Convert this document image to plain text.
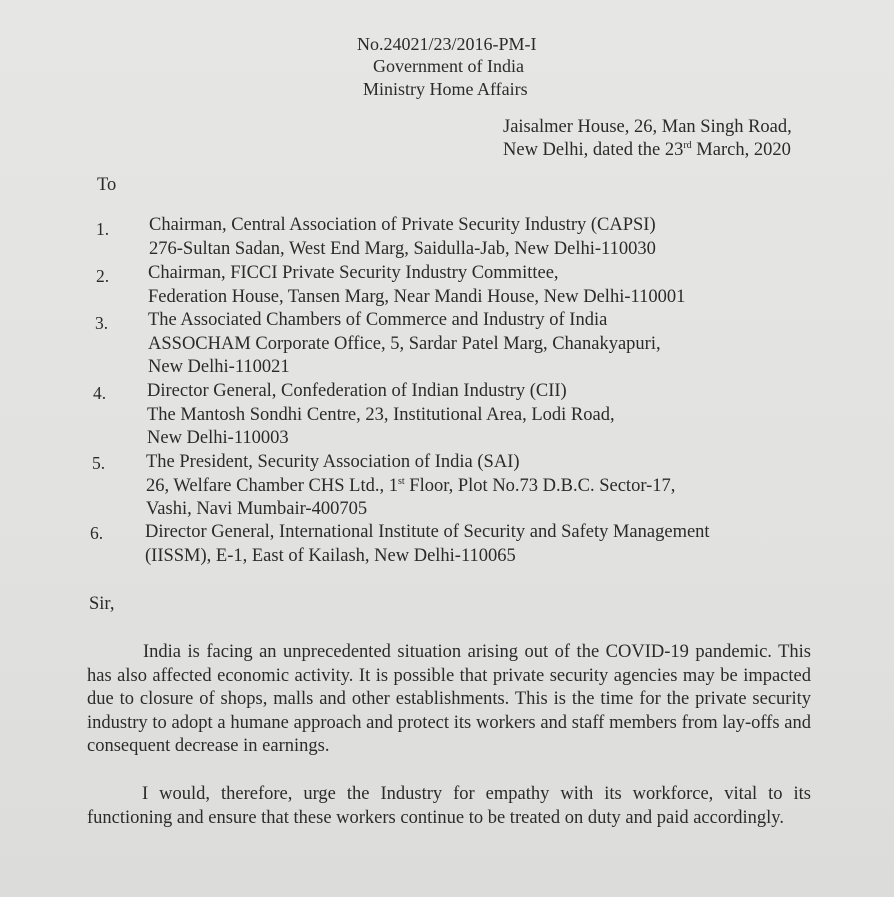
No.24021/23/2016-PM-I
Government of India
Ministry Home Affairs
Jaisalmer House, 26, Man Singh Road,
New Delhi, dated the 23rd March, 2020
To
1. Chairman, Central Association of Private Security Industry (CAPSI)
276-Sultan Sadan, West End Marg, Saidulla-Jab, New Delhi-110030
2. Chairman, FICCI Private Security Industry Committee,
Federation House, Tansen Marg, Near Mandi House, New Delhi-110001
3. The Associated Chambers of Commerce and Industry of India
ASSOCHAM Corporate Office, 5, Sardar Patel Marg, Chanakyapuri,
New Delhi-110021
4. Director General, Confederation of Indian Industry (CII)
The Mantosh Sondhi Centre, 23, Institutional Area, Lodi Road,
New Delhi-110003
5. The President, Security Association of India (SAI)
26, Welfare Chamber CHS Ltd., 1st Floor, Plot No.73 D.B.C. Sector-17,
Vashi, Navi Mumbair-400705
6. Director General, International Institute of Security and Safety Management
(IISSM), E-1, East of Kailash, New Delhi-110065
Sir,
India is facing an unprecedented situation arising out of the COVID-19 pandemic. This has also affected economic activity. It is possible that private security agencies may be impacted due to closure of shops, malls and other establishments. This is the time for the private security industry to adopt a humane approach and protect its workers and staff members from lay-offs and consequent decrease in earnings.
I would, therefore, urge the Industry for empathy with its workforce, vital to its functioning and ensure that these workers continue to be treated on duty and paid accordingly.
